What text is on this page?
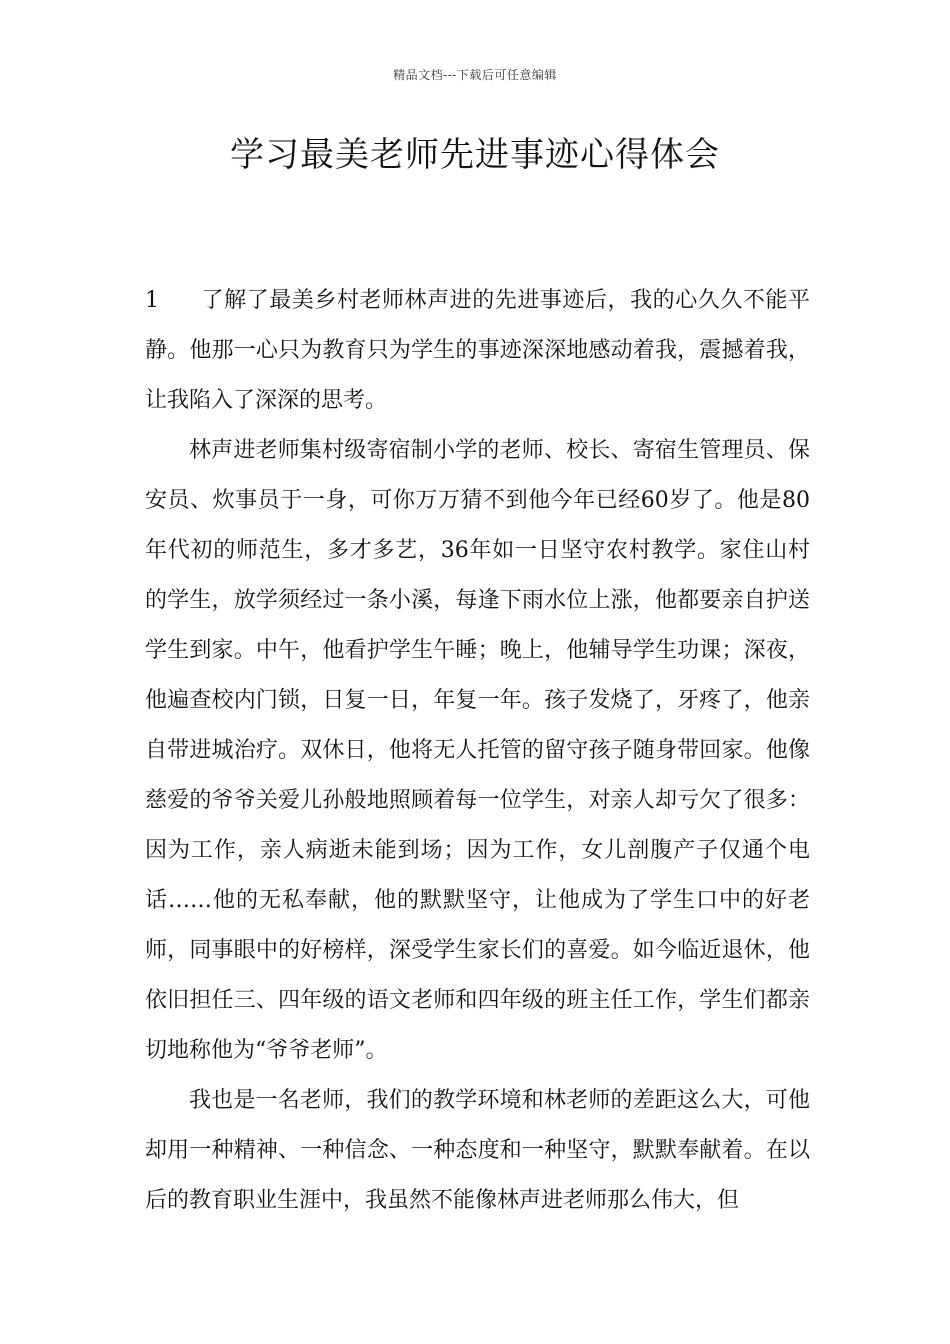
精品文档---下载后可任意编辑
学习最美老师先进事迹心得体会

1 了解了最美乡村老师林声进的先进事迹后，我的心久久不能平静。他那一心只为教育只为学生的事迹深深地感动着我，震撼着我，让我陷入了深深的思考。

林声进老师集村级寄宿制小学的老师、校长、寄宿生管理员、保安员、炊事员于一身，可你万万猜不到他今年已经60岁了。他是80年代初的师范生，多才多艺，36年如一日坚守农村教学。家住山村的学生，放学须经过一条小溪，每逢下雨水位上涨，他都要亲自护送学生到家。中午，他看护学生午睡；晚上，他辅导学生功课；深夜，他遍查校内门锁，日复一日，年复一年。孩子发烧了，牙疼了，他亲自带进城治疗。双休日，他将无人托管的留守孩子随身带回家。他像慈爱的爷爷关爱儿孙般地照顾着每一位学生，对亲人却亏欠了很多：因为工作，亲人病逝未能到场；因为工作，女儿剖腹产子仅通个电话……他的无私奉献，他的默默坚守，让他成为了学生口中的好老师，同事眼中的好榜样，深受学生家长们的喜爱。如今临近退休，他依旧担任三、四年级的语文老师和四年级的班主任工作，学生们都亲切地称他为“爷爷老师”。

我也是一名老师，我们的教学环境和林老师的差距这么大，可他却用一种精神、一种信念、一种态度和一种坚守，默默奉献着。在以后的教育职业生涯中，我虽然不能像林声进老师那么伟大，但
